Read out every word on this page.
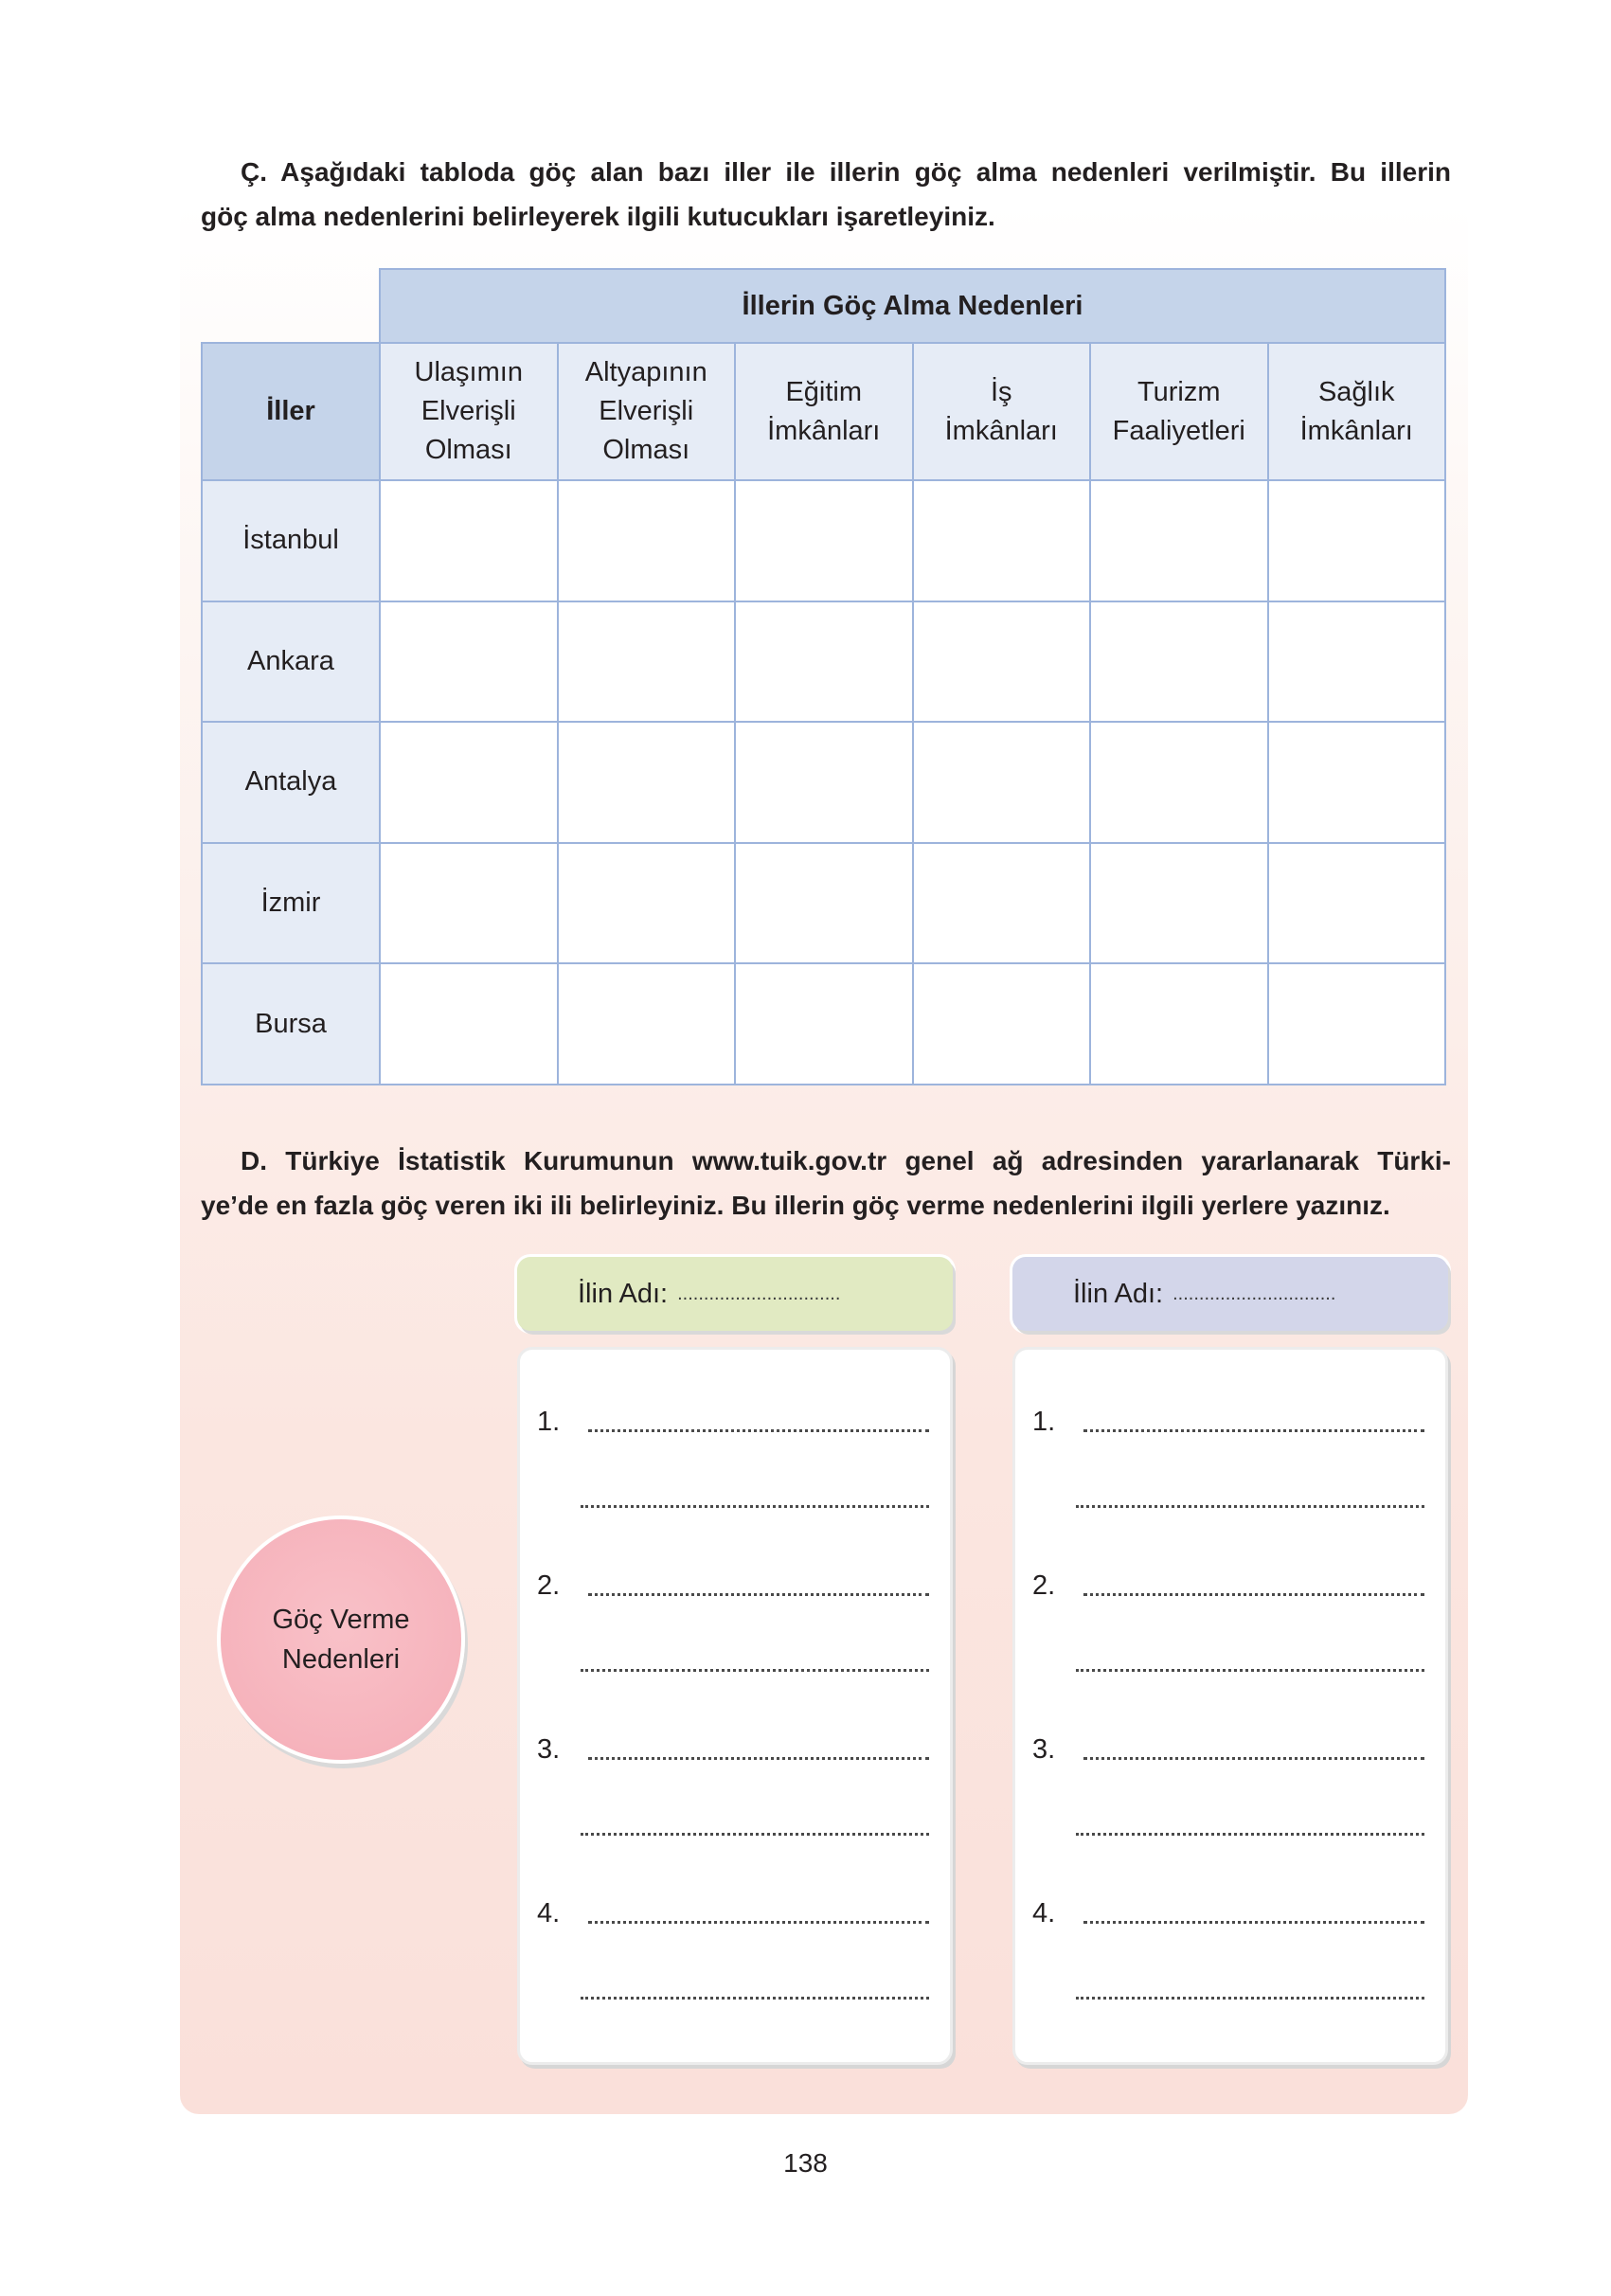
Ç. Aşağıdaki tabloda göç alan bazı iller ile illerin göç alma nedenleri verilmiştir. Bu illerin
göç alma nedenlerini belirleyerek ilgili kutucukları işaretleyiniz.
İllerin Göç Alma Nedenleri
İller
Ulaşımın
Elverişli
Olması
Altyapının
Elverişli
Olması
Eğitim
İmkânları
İş
İmkânları
Turizm
Faaliyetleri
Sağlık
İmkânları
İstanbul
Ankara
Antalya
İzmir
Bursa
D. Türkiye İstatistik Kurumunun www.tuik.gov.tr genel ağ adresinden yararlanarak Türki-
ye’de en fazla göç veren iki ili belirleyiniz. Bu illerin göç verme nedenlerini ilgili yerlere yazınız.
İlin Adı: ...............................	İlin Adı: ...............................
1.
2.
3.
4.
1.
2.
3.
4.
Göç Verme
Nedenleri
138
